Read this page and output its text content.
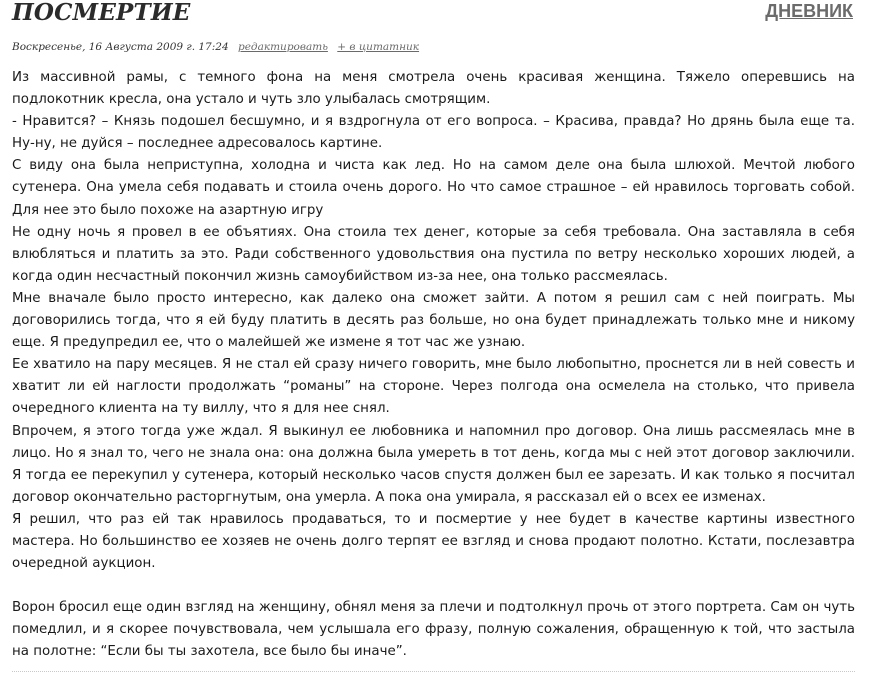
ПОСМЕРТИЕ	ДНЕВНИК
Воскресенье, 16 Августа 2009 г. 17:24 редактировать + в цитатник

Из массивной рамы, с темного фона на меня смотрела очень красивая женщина. Тяжело оперевшись на подлокотник кресла, она устало и чуть зло улыбалась смотрящим.

- Нравится? – Князь подошел бесшумно, и я вздрогнула от его вопроса. – Красива, правда? Но дрянь была еще та. Ну-ну, не дуйся – последнее адресовалось картине.

С виду она была неприступна, холодна и чиста как лед. Но на самом деле она была шлюхой. Мечтой любого сутенера. Она умела себя подавать и стоила очень дорого. Но что самое страшное – ей нравилось торговать собой. Для нее это было похоже на азартную игру

Не одну ночь я провел в ее объятиях. Она стоила тех денег, которые за себя требовала. Она заставляла в себя влюбляться и платить за это. Ради собственного удовольствия она пустила по ветру несколько хороших людей, а когда один несчастный покончил жизнь самоубийством из-за нее, она только рассмеялась.

Мне вначале было просто интересно, как далеко она сможет зайти. А потом я решил сам с ней поиграть. Мы договорились тогда, что я ей буду платить в десять раз больше, но она будет принадлежать только мне и никому еще. Я предупредил ее, что о малейшей же измене я тот час же узнаю.

Ее хватило на пару месяцев. Я не стал ей сразу ничего говорить, мне было любопытно, проснется ли в ней совесть и хватит ли ей наглости продолжать “романы” на стороне. Через полгода она осмелела на столько, что привела очередного клиента на ту виллу, что я для нее снял.

Впрочем, я этого тогда уже ждал. Я выкинул ее любовника и напомнил про договор. Она лишь рассмеялась мне в лицо. Но я знал то, чего не знала она: она должна была умереть в тот день, когда мы с ней этот договор заключили. Я тогда ее перекупил у сутенера, который несколько часов спустя должен был ее зарезать. И как только я посчитал договор окончательно расторгнутым, она умерла. А пока она умирала, я рассказал ей о всех ее изменах.

Я решил, что раз ей так нравилось продаваться, то и посмертие у нее будет в качестве картины известного мастера. Но большинство ее хозяев не очень долго терпят ее взгляд и снова продают полотно. Кстати, послезавтра очередной аукцион.

Ворон бросил еще один взгляд на женщину, обнял меня за плечи и подтолкнул прочь от этого портрета. Сам он чуть помедлил, и я скорее почувствовала, чем услышала его фразу, полную сожаления, обращенную к той, что застыла на полотне: “Если бы ты захотела, все было бы иначе”.
